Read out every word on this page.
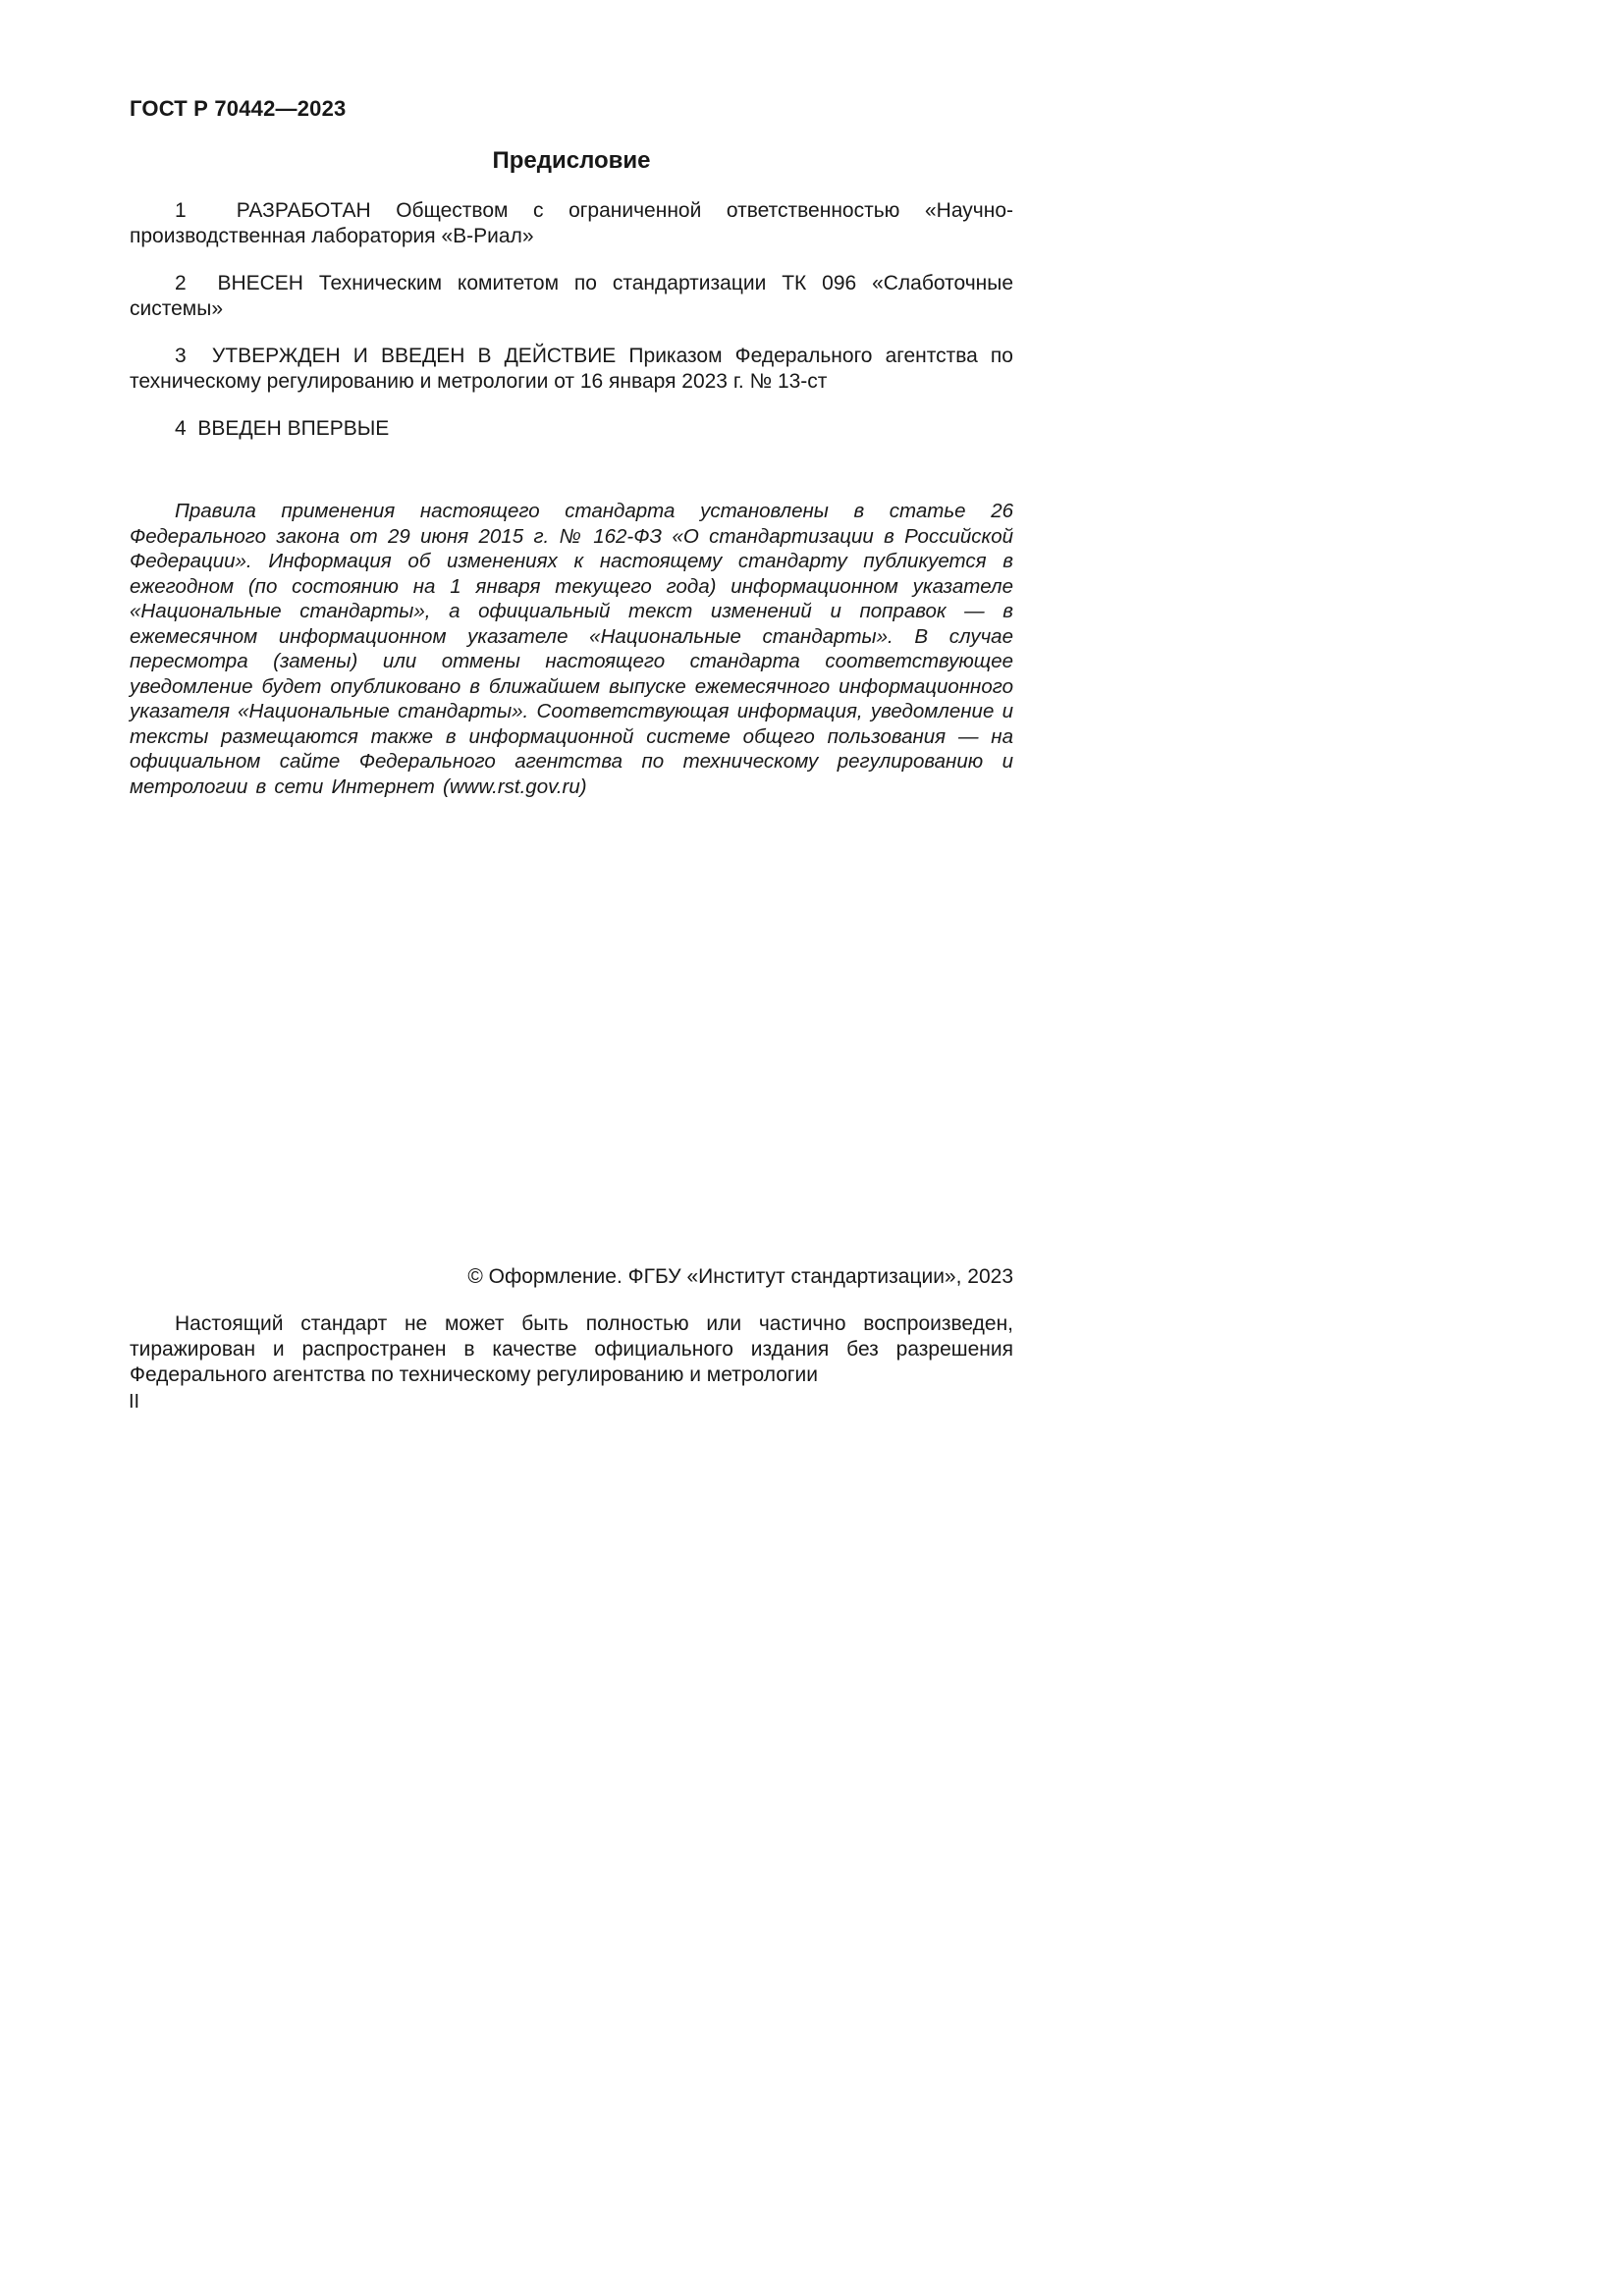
ГОСТ Р 70442—2023
Предисловие

1  РАЗРАБОТАН Обществом с ограниченной ответственностью «Научно-производственная лаборатория «В-Риал»

2  ВНЕСЕН Техническим комитетом по стандартизации ТК 096 «Слаботочные системы»

3  УТВЕРЖДЕН И ВВЕДЕН В ДЕЙСТВИЕ Приказом Федерального агентства по техническому регулированию и метрологии от 16 января 2023 г. № 13-ст

4  ВВЕДЕН ВПЕРВЫЕ

Правила применения настоящего стандарта установлены в статье 26 Федерального закона от 29 июня 2015 г. № 162-ФЗ «О стандартизации в Российской Федерации». Информация об изменениях к настоящему стандарту публикуется в ежегодном (по состоянию на 1 января текущего года) информационном указателе «Национальные стандарты», а официальный текст изменений и поправок — в ежемесячном информационном указателе «Национальные стандарты». В случае пересмотра (замены) или отмены настоящего стандарта соответствующее уведомление будет опубликовано в ближайшем выпуске ежемесячного информационного указателя «Национальные стандарты». Соответствующая информация, уведомление и тексты размещаются также в информационной системе общего пользования — на официальном сайте Федерального агентства по техническому регулированию и метрологии в сети Интернет (www.rst.gov.ru)

© Оформление. ФГБУ «Институт стандартизации», 2023

Настоящий стандарт не может быть полностью или частично воспроизведен, тиражирован и распространен в качестве официального издания без разрешения Федерального агентства по техническому регулированию и метрологии

II
